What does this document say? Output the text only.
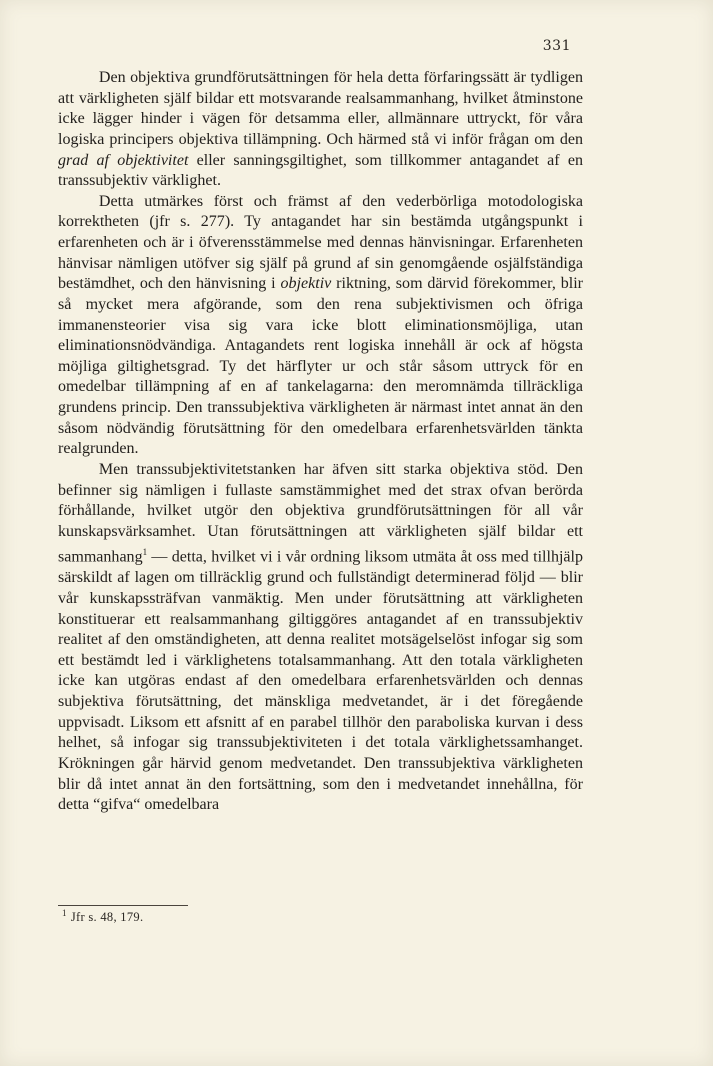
331

Den objektiva grundförutsättningen för hela detta förfaringssätt är tydligen att värkligheten själf bildar ett motsvarande realsammanhang, hvilket åtminstone icke lägger hinder i vägen för detsamma eller, allmännare uttryckt, för våra logiska principers objektiva tillämpning. Och härmed stå vi inför frågan om den grad af objektivitet eller sanningsgiltighet, som tillkommer antagandet af en transsubjektiv värklighet.

Detta utmärkes först och främst af den vederbörliga motodologiska korrektheten (jfr s. 277). Ty antagandet har sin bestämda utgångspunkt i erfarenheten och är i öfverensstämmelse med dennas hänvisningar. Erfarenheten hänvisar nämligen utöfver sig själf på grund af sin genomgående osjälfständiga bestämdhet, och den hänvisning i objektiv riktning, som därvid förekommer, blir så mycket mera afgörande, som den rena subjektivismen och öfriga immanensteorier visa sig vara icke blott eliminationsmöjliga, utan eliminationsnödvändiga. Antagandets rent logiska innehåll är ock af högsta möjliga giltighetsgrad. Ty det härflyter ur och står såsom uttryck för en omedelbar tillämpning af en af tankelagarna: den meromnämda tillräckliga grundens princip. Den transsubjektiva värkligheten är närmast intet annat än den såsom nödvändig förutsättning för den omedelbara erfarenhetsvärlden tänkta realgrunden.

Men transsubjektivitetstanken har äfven sitt starka objektiva stöd. Den befinner sig nämligen i fullaste samstämmighet med det strax ofvan berörda förhållande, hvilket utgör den objektiva grundförutsättningen för all vår kunskapsvärksamhet. Utan förutsättningen att värkligheten själf bildar ett sammanhang$^1$ — detta, hvilket vi i vår ordning liksom utmäta åt oss med tillhjälp särskildt af lagen om tillräcklig grund och fullständigt determinerad följd — blir vår kunskapssträfvan vanmäktig. Men under förutsättning att värkligheten konstituerar ett realsammanhang giltiggöres antagandet af en transsubjektiv realitet af den omständigheten, att denna realitet motsägelselöst infogar sig som ett bestämdt led i värklighetens totalsammanhang. Att den totala värkligheten icke kan utgöras endast af den omedelbara erfarenhetsvärlden och dennas subjektiva förutsättning, det mänskliga medvetandet, är i det föregående uppvisadt. Liksom ett afsnitt af en parabel tillhör den paraboliska kurvan i dess helhet, så infogar sig transsubjektiviteten i det totala värklighetssamhanget. Krökningen går härvid genom medvetandet. Den transsubjektiva värkligheten blir då intet annat än den fortsättning, som den i medvetandet innehållna, för detta “gifva“ omedelbara

$^1$ Jfr s. 48, 179.
